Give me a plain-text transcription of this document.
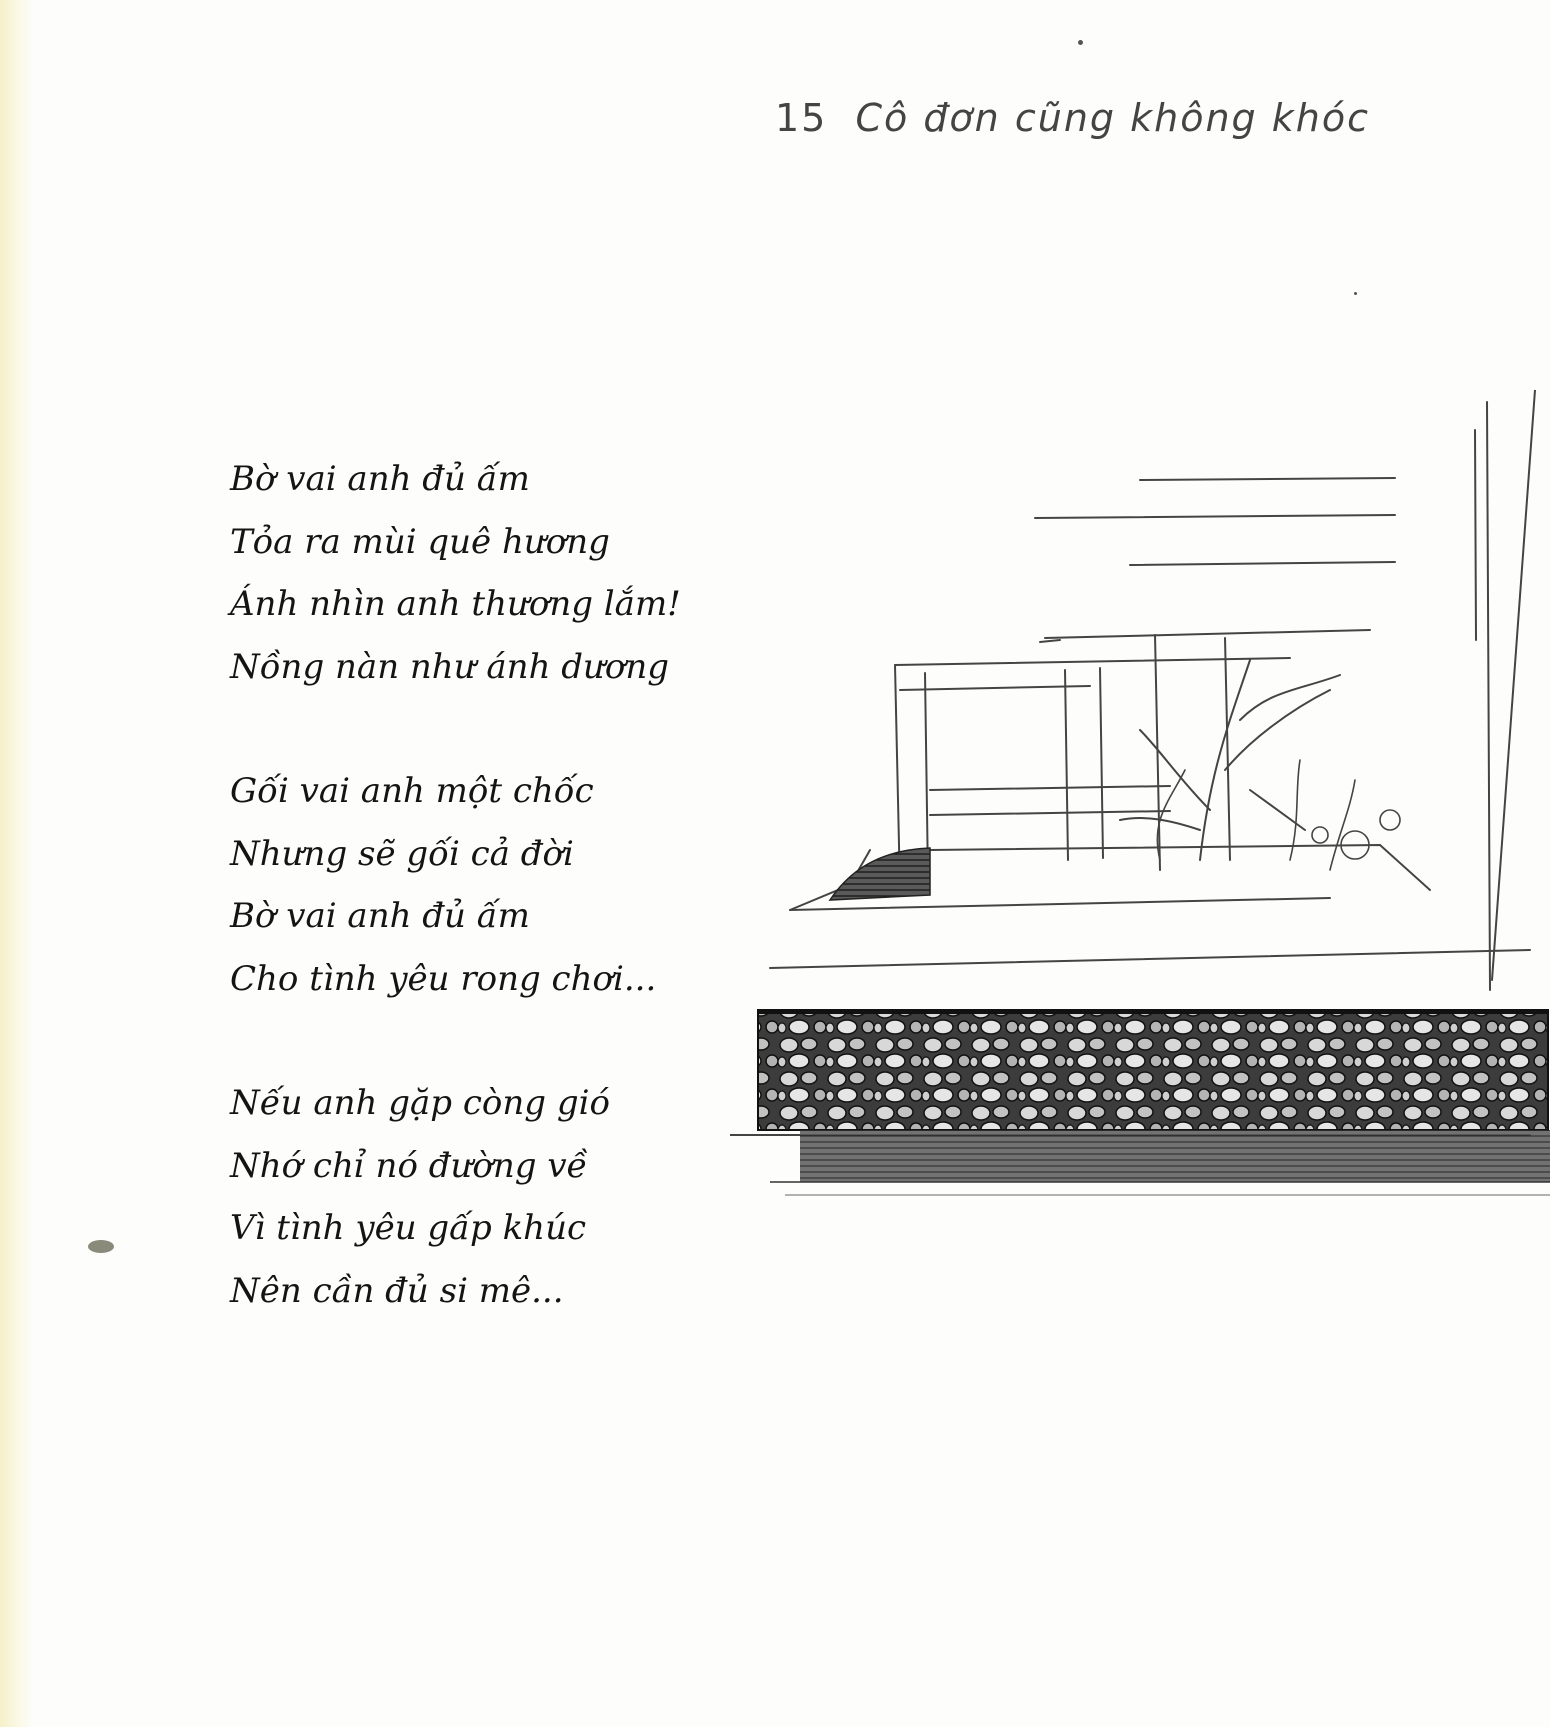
15 Cô đơn cũng không khóc
Bờ vai anh đủ ấm
Tỏa ra mùi quê hương
Ánh nhìn anh thương lắm!
Nồng nàn như ánh dương
Gối vai anh một chốc
Nhưng sẽ gối cả đời
Bờ vai anh đủ ấm
Cho tình yêu rong chơi...
Nếu anh gặp còng gió
Nhớ chỉ nó đường về
Vì tình yêu gấp khúc
Nên cần đủ si mê...
